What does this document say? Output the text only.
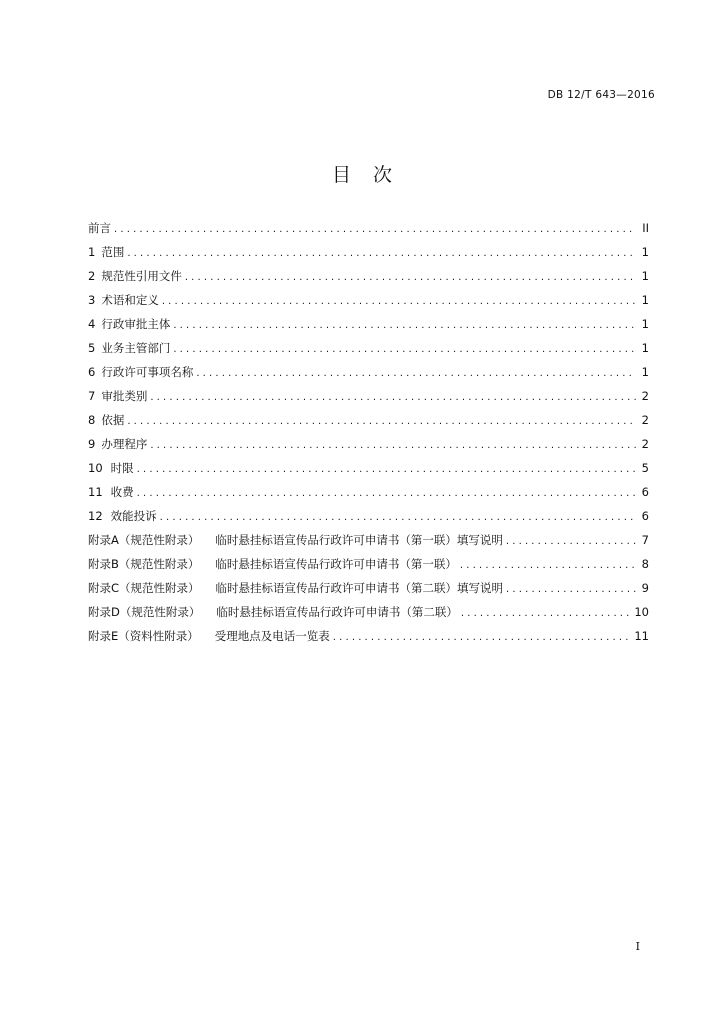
DB 12/T 643—2016
目 次
前言 . . .	II
1 范围 . . .	1
2 规范性引用文件 . . .	1
3 术语和定义 . . .	1
4 行政审批主体 . . .	1
5 业务主管部门 . . .	1
6 行政许可事项名称 . . .	1
7 审批类别 . . .	2
8 依据 . . .	2
9 办理程序 . . .	2
10 时限 . . .	5
11 收费 . . .	6
12 效能投诉 . . .	6
附录A（规范性附录） 临时悬挂标语宣传品行政许可申请书（第一联）填写说明 . . .	7
附录B（规范性附录） 临时悬挂标语宣传品行政许可申请书（第一联） . . .	8
附录C（规范性附录） 临时悬挂标语宣传品行政许可申请书（第二联）填写说明 . . .	9
附录D（规范性附录） 临时悬挂标语宣传品行政许可申请书（第二联） . . .	10
附录E（资料性附录） 受理地点及电话一览表 . . .	11
I
